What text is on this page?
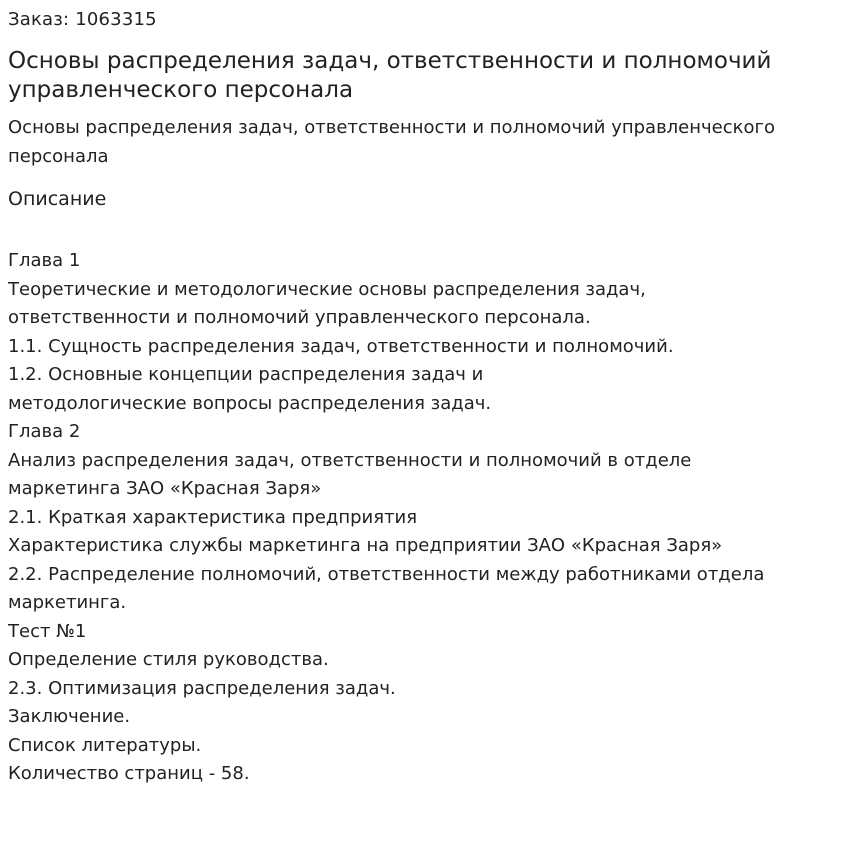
Заказ: 1063315

Основы распределения задач, ответственности и полномочий управленческого персонала

Основы распределения задач, ответственности и полномочий управленческого персонала

Описание
Глава 1
Теоретические и методологические основы распределения задач,
ответственности и полномочий управленческого персонала.
1.1. Сущность распределения задач, ответственности и полномочий.
1.2. Основные концепции распределения задач и
методологические вопросы распределения задач.
Глава 2
Анализ распределения задач, ответственности и полномочий в отделе
маркетинга ЗАО «Красная Заря»
2.1. Краткая характеристика предприятия
Характеристика службы маркетинга на предприятии ЗАО «Красная Заря»
2.2. Распределение полномочий, ответственности между работниками отдела
маркетинга.
Тест №1
Определение стиля руководства.
2.3. Оптимизация распределения задач.
Заключение.
Список литературы.
Количество страниц - 58.
